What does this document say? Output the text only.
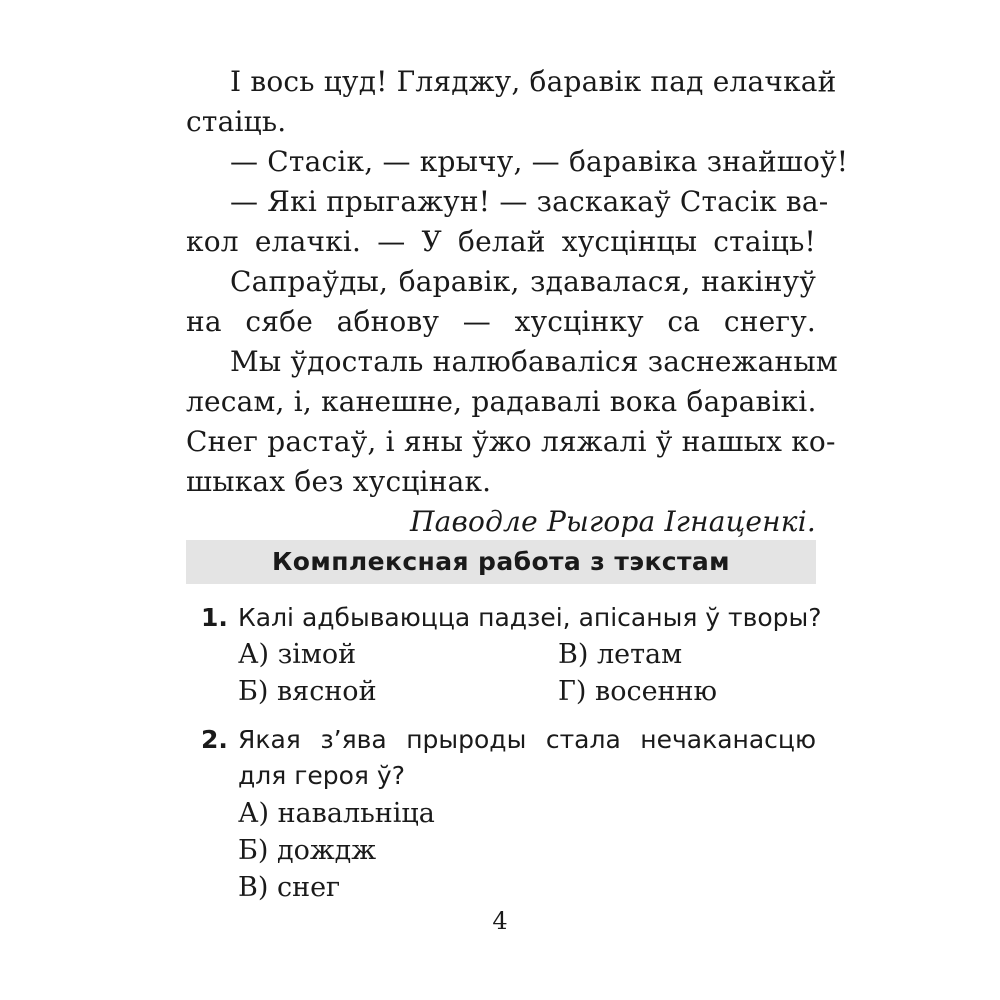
І вось цуд! Гляджу, баравік пад елачкай
стаіць.
— Стасік, — крычу, — баравіка знайшоў!
— Які прыгажун! — заскакаў Стасік ва-
кол елачкі. — У белай хусцінцы стаіць!
Сапраўды, баравік, здавалася, накінуў
на сябе абнову — хусцінку са снегу.
Мы ўдосталь налюбаваліся заснежаным
лесам, і, канешне, радавалі вока баравікі.
Снег растаў, і яны ўжо ляжалі ў нашых ко-
шыках без хусцінак.
Паводле Рыгора Ігнаценкі.
Комплексная работа з тэкстам
1. Калі адбываюцца падзеі, апісаныя ў творы?
А) зімой	В) летам
Б) вясной	Г) восенню
2. Якая з’ява прыроды стала нечаканасцю
для героя ў?
А) навальніца
Б) дождж
В) снег
4
